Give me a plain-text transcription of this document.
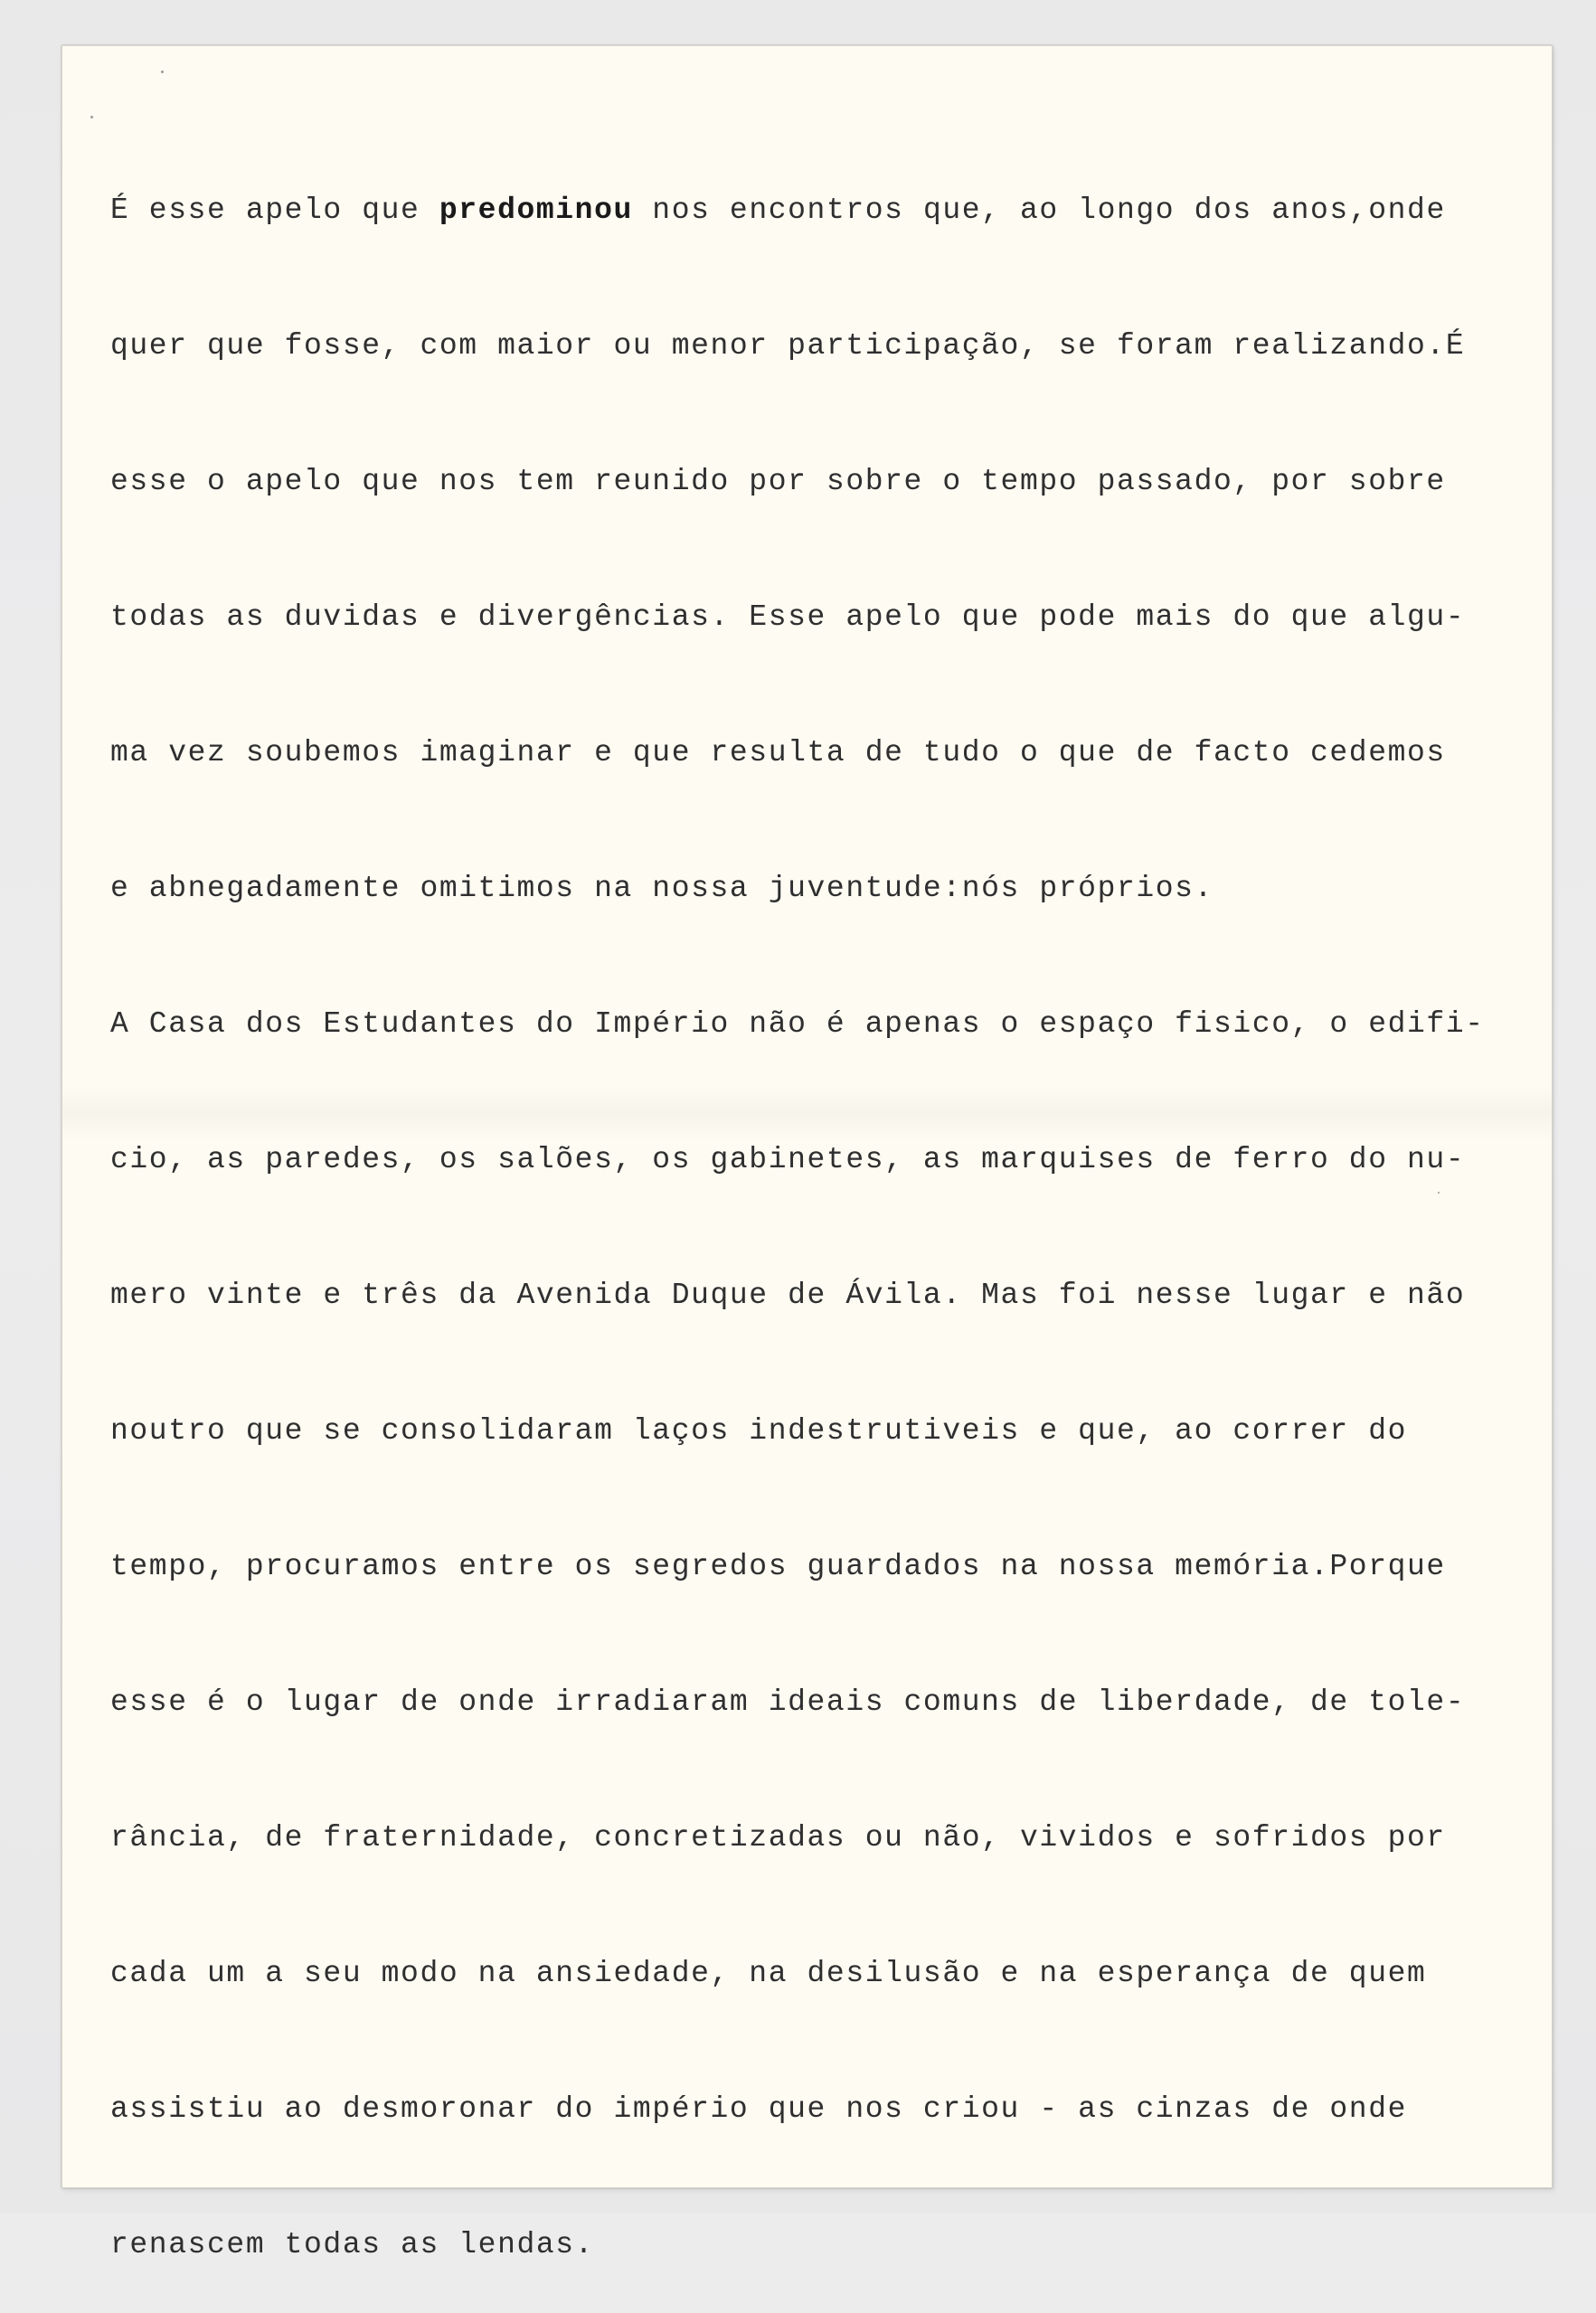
É esse apelo que predominou nos encontros que, ao longo dos anos,onde

quer que fosse, com maior ou menor participação, se foram realizando.É

esse o apelo que nos tem reunido por sobre o tempo passado, por sobre

todas as duvidas e divergências. Esse apelo que pode mais do que algu-

ma vez soubemos imaginar e que resulta de tudo o que de facto cedemos

e abnegadamente omitimos na nossa juventude:nós próprios.

A Casa dos Estudantes do Império não é apenas o espaço fisico, o edifi-

cio, as paredes, os salões, os gabinetes, as marquises de ferro do nu-

mero vinte e três da Avenida Duque de Ávila. Mas foi nesse lugar e não

noutro que se consolidaram laços indestrutiveis e que, ao correr do

tempo, procuramos entre os segredos guardados na nossa memória.Porque

esse é o lugar de onde irradiaram ideais comuns de liberdade, de tole-

rância, de fraternidade, concretizadas ou não, vividos e sofridos por

cada um a seu modo na ansiedade, na desilusão e na esperança de quem

assistiu ao desmoronar do império que nos criou - as cinzas de onde

renascem todas as lendas.
